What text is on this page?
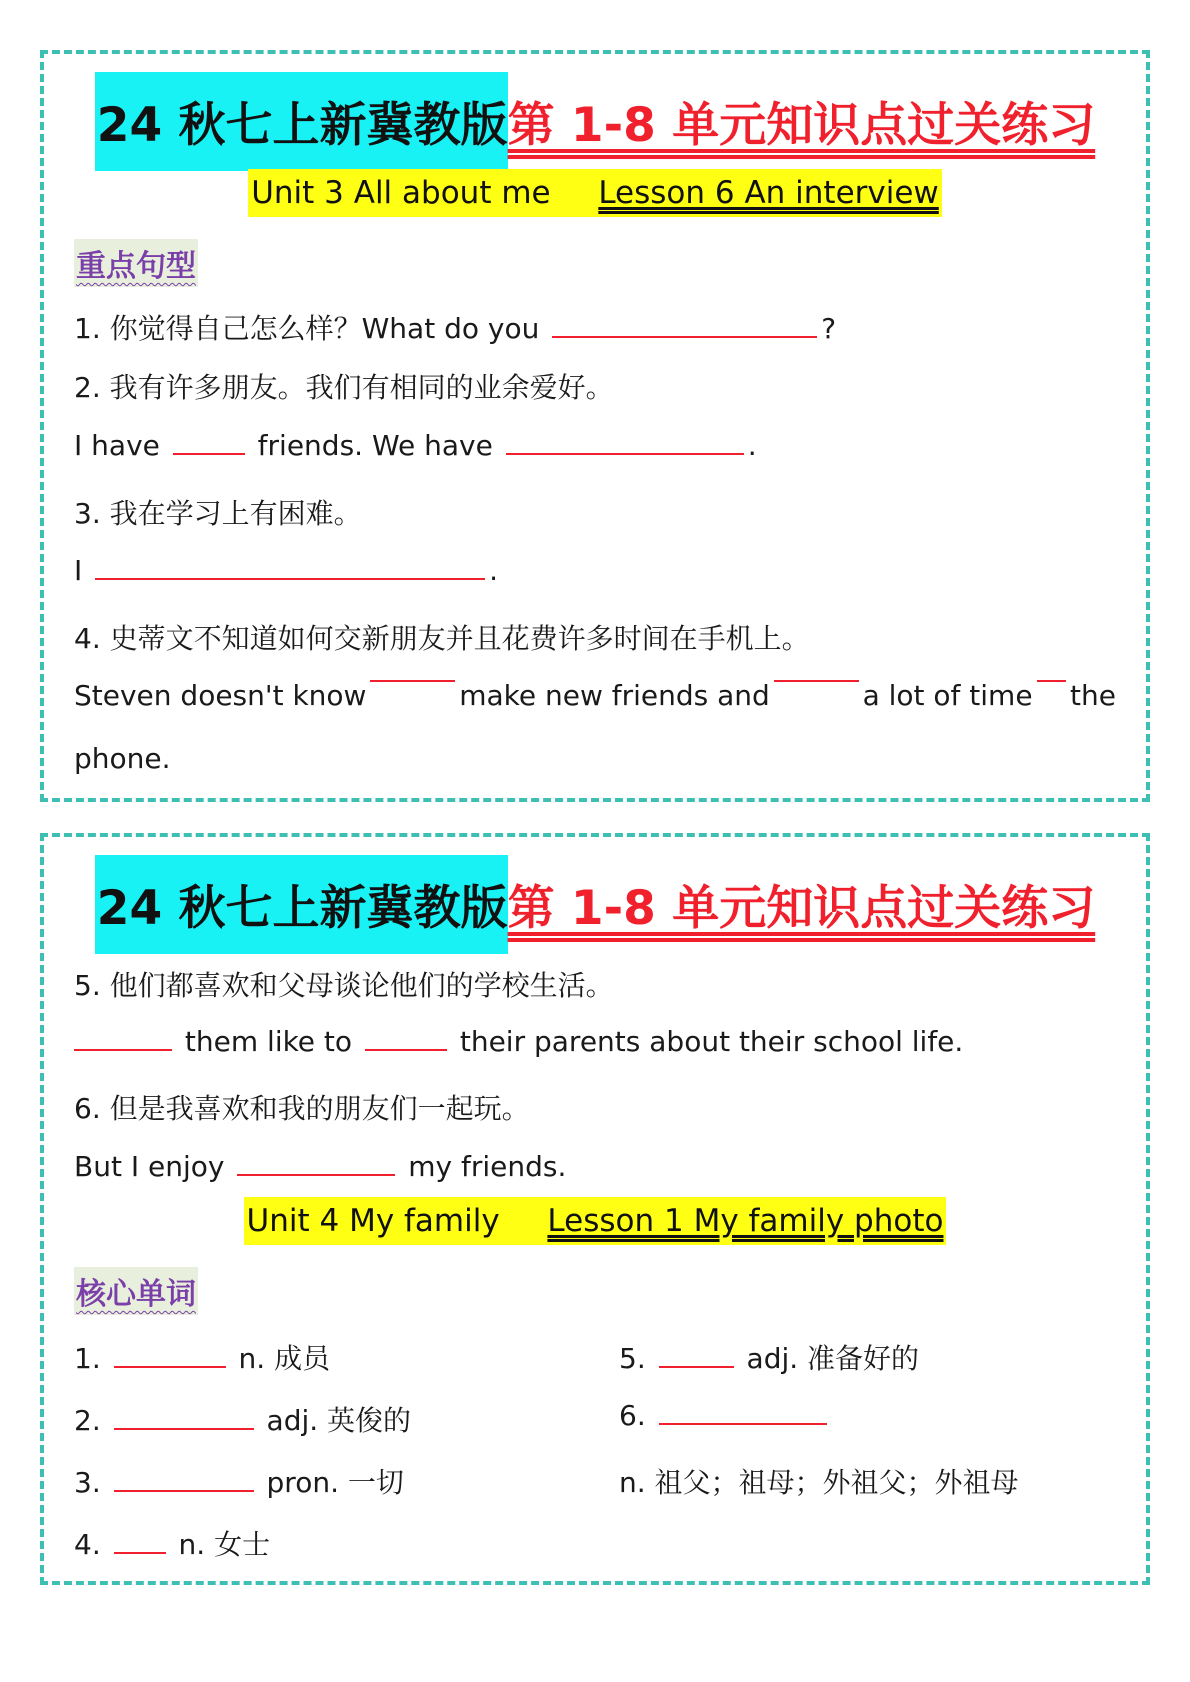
24 秋七上新冀教版第 1-8 单元知识点过关练习
Unit 3 All about me Lesson 6 An interview
重点句型
1. 你觉得自己怎么样？What do you	?
2. 我有许多朋友。我们有相同的业余爱好。
I have	friends. We have	.
3. 我在学习上有困难。
I	.
4. 史蒂文不知道如何交新朋友并且花费许多时间在手机上。
Steven doesn't know	make new friends and	a lot of time the
phone.
24 秋七上新冀教版第 1-8 单元知识点过关练习
5. 他们都喜欢和父母谈论他们的学校生活。
them like to	their parents about their school life.
6. 但是我喜欢和我的朋友们一起玩。
But I enjoy	my friends.
Unit 4 My family Lesson 1 My family photo
核心单词
1.	n. 成员
2.	adj. 英俊的
3.	pron. 一切
4.	n. 女士
5.	adj. 准备好的
6.
n. 祖父；祖母；外祖父；外祖母
